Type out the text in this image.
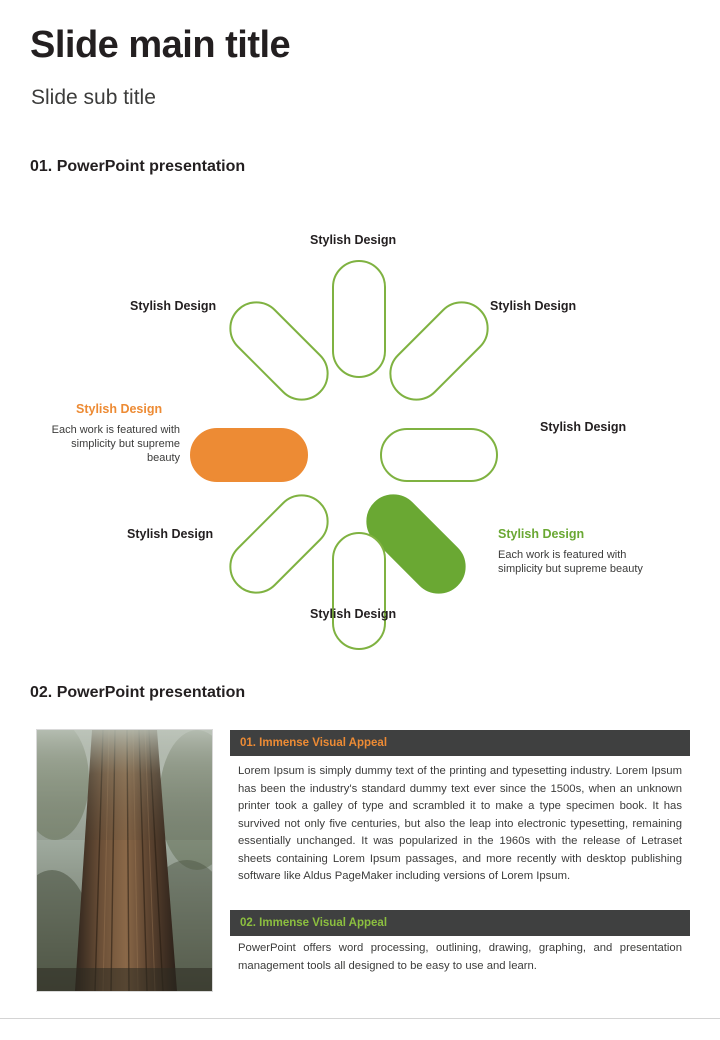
Slide main title
Slide sub title
01. PowerPoint presentation
Stylish Design
Stylish Design
Stylish Design
Stylish Design
Each work is featured with simplicity but supreme beauty
Stylish Design
Stylish Design
Stylish Design
Each work is featured with simplicity but supreme beauty
Stylish Design
02. PowerPoint presentation
01. Immense Visual Appeal
Lorem Ipsum is simply dummy text of the printing and typesetting industry. Lorem Ipsum has been the industry's standard dummy text ever since the 1500s, when an unknown printer took a galley of type and scrambled it to make a type specimen book. It has survived not only five centuries, but also the leap into electronic typesetting, remaining essentially unchanged. It was popularized in the 1960s with the release of Letraset sheets containing Lorem Ipsum passages, and more recently with desktop publishing software like Aldus PageMaker including versions of Lorem Ipsum.
02. Immense Visual Appeal
PowerPoint offers word processing, outlining, drawing, graphing, and presentation management tools all designed to be easy to use and learn.
